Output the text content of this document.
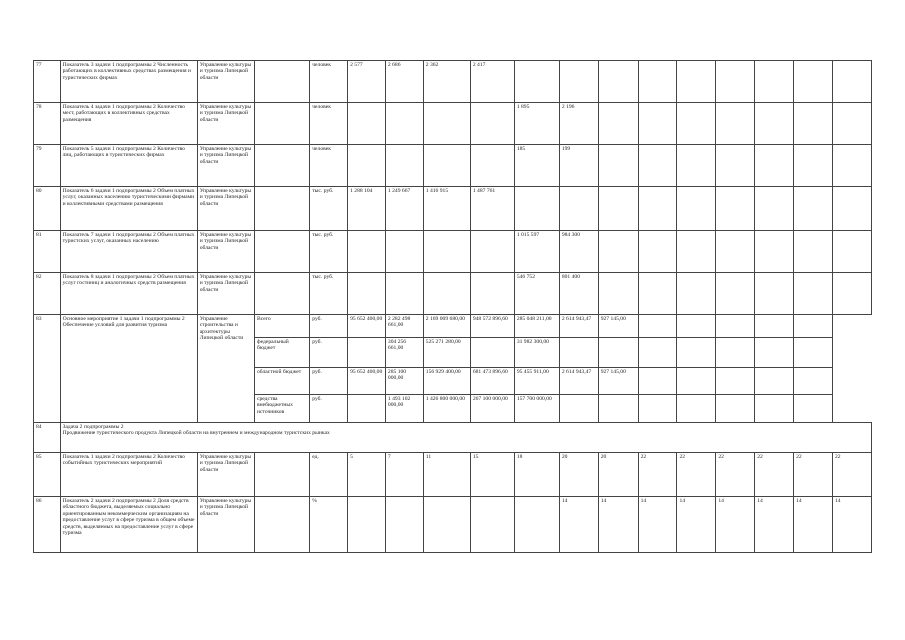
77	Показатель 3 задачи 1 подпрограммы 2 Численность работающих в коллективных средствах размещения и туристических фирмах	Управление культуры и туризма Липецкой области		человек	2 577	2 686	2 362	2 417									
78	Показатель 4 задачи 1 подпрограммы 2 Количество мест, работающих в коллективных средствах размещения	Управление культуры и туризма Липецкой области		человек					1 895	2 196							
79	Показатель 5 задачи 1 подпрограммы 2 Количество лиц, работающих в туристических фирмах	Управление культуры и туризма Липецкой области		человек					185	199							
80	Показатель 6 задачи 1 подпрограммы 2 Объем платных услуг, оказанных населению туристическими фирмами и коллективными средствами размещения	Управление культуры и туризма Липецкой области		тыс. руб.	1 288 104	1 249 667	1 416 915	1 487 761									
81	Показатель 7 задачи 1 подпрограммы 2 Объем платных туристских услуг, оказанных населению	Управление культуры и туризма Липецкой области		тыс. руб.					1 015 597	984 300							
82	Показатель 8 задачи 1 подпрограммы 2 Объем платных услуг гостиниц и аналогичных средств размещения	Управление культуры и туризма Липецкой области		тыс. руб.					546 752	801 400							
83	Основное мероприятие 1 задачи 1 подпрограммы 2 Обеспечение условий для развития туризма	Управление строительства и архитектуры Липецкой области	Всего	руб.	95 652 400,00	2 282 498 661,00	2 169 009 680,00	948 572 896,60	285 048 211,00	2 614 943,47	927 145,00						
			федеральный бюджет	руб.		304 256 661,00	525 271 280,00		31 982 300,00								
			областной бюджет	руб.	95 652 400,00	285 100 000,00	156 929 400,00	681 473 896,60	95 455 911,00	2 614 943,47	927 145,00						
			средства внебюджетных источников	руб.		1 493 102 000,00	1 426 800 000,00	267 100 000,00	157 700 000,00								
84	Задача 2 подпрограммы 2
Продвижение туристического продукта Липецкой области на внутреннем и международном туристских рынках																

85	Показатель 1 задачи 2 подпрограммы 2 Количество событийных туристических мероприятий	Управление культуры и туризма Липецкой области		ед.	5	7	11	15	18	20	20	22	22	22	22	22	22
86	Показатель 2 задачи 2 подпрограммы 2 Доля средств областного бюджета, выделяемых социально ориентированным некоммерческим организациям на предоставление услуг в сфере туризма в общем объеме средств, выделяемых на предоставление услуг в сфере туризма	Управление культуры и туризма Липецкой области		%						14	14	14	14	14	14	14	14
